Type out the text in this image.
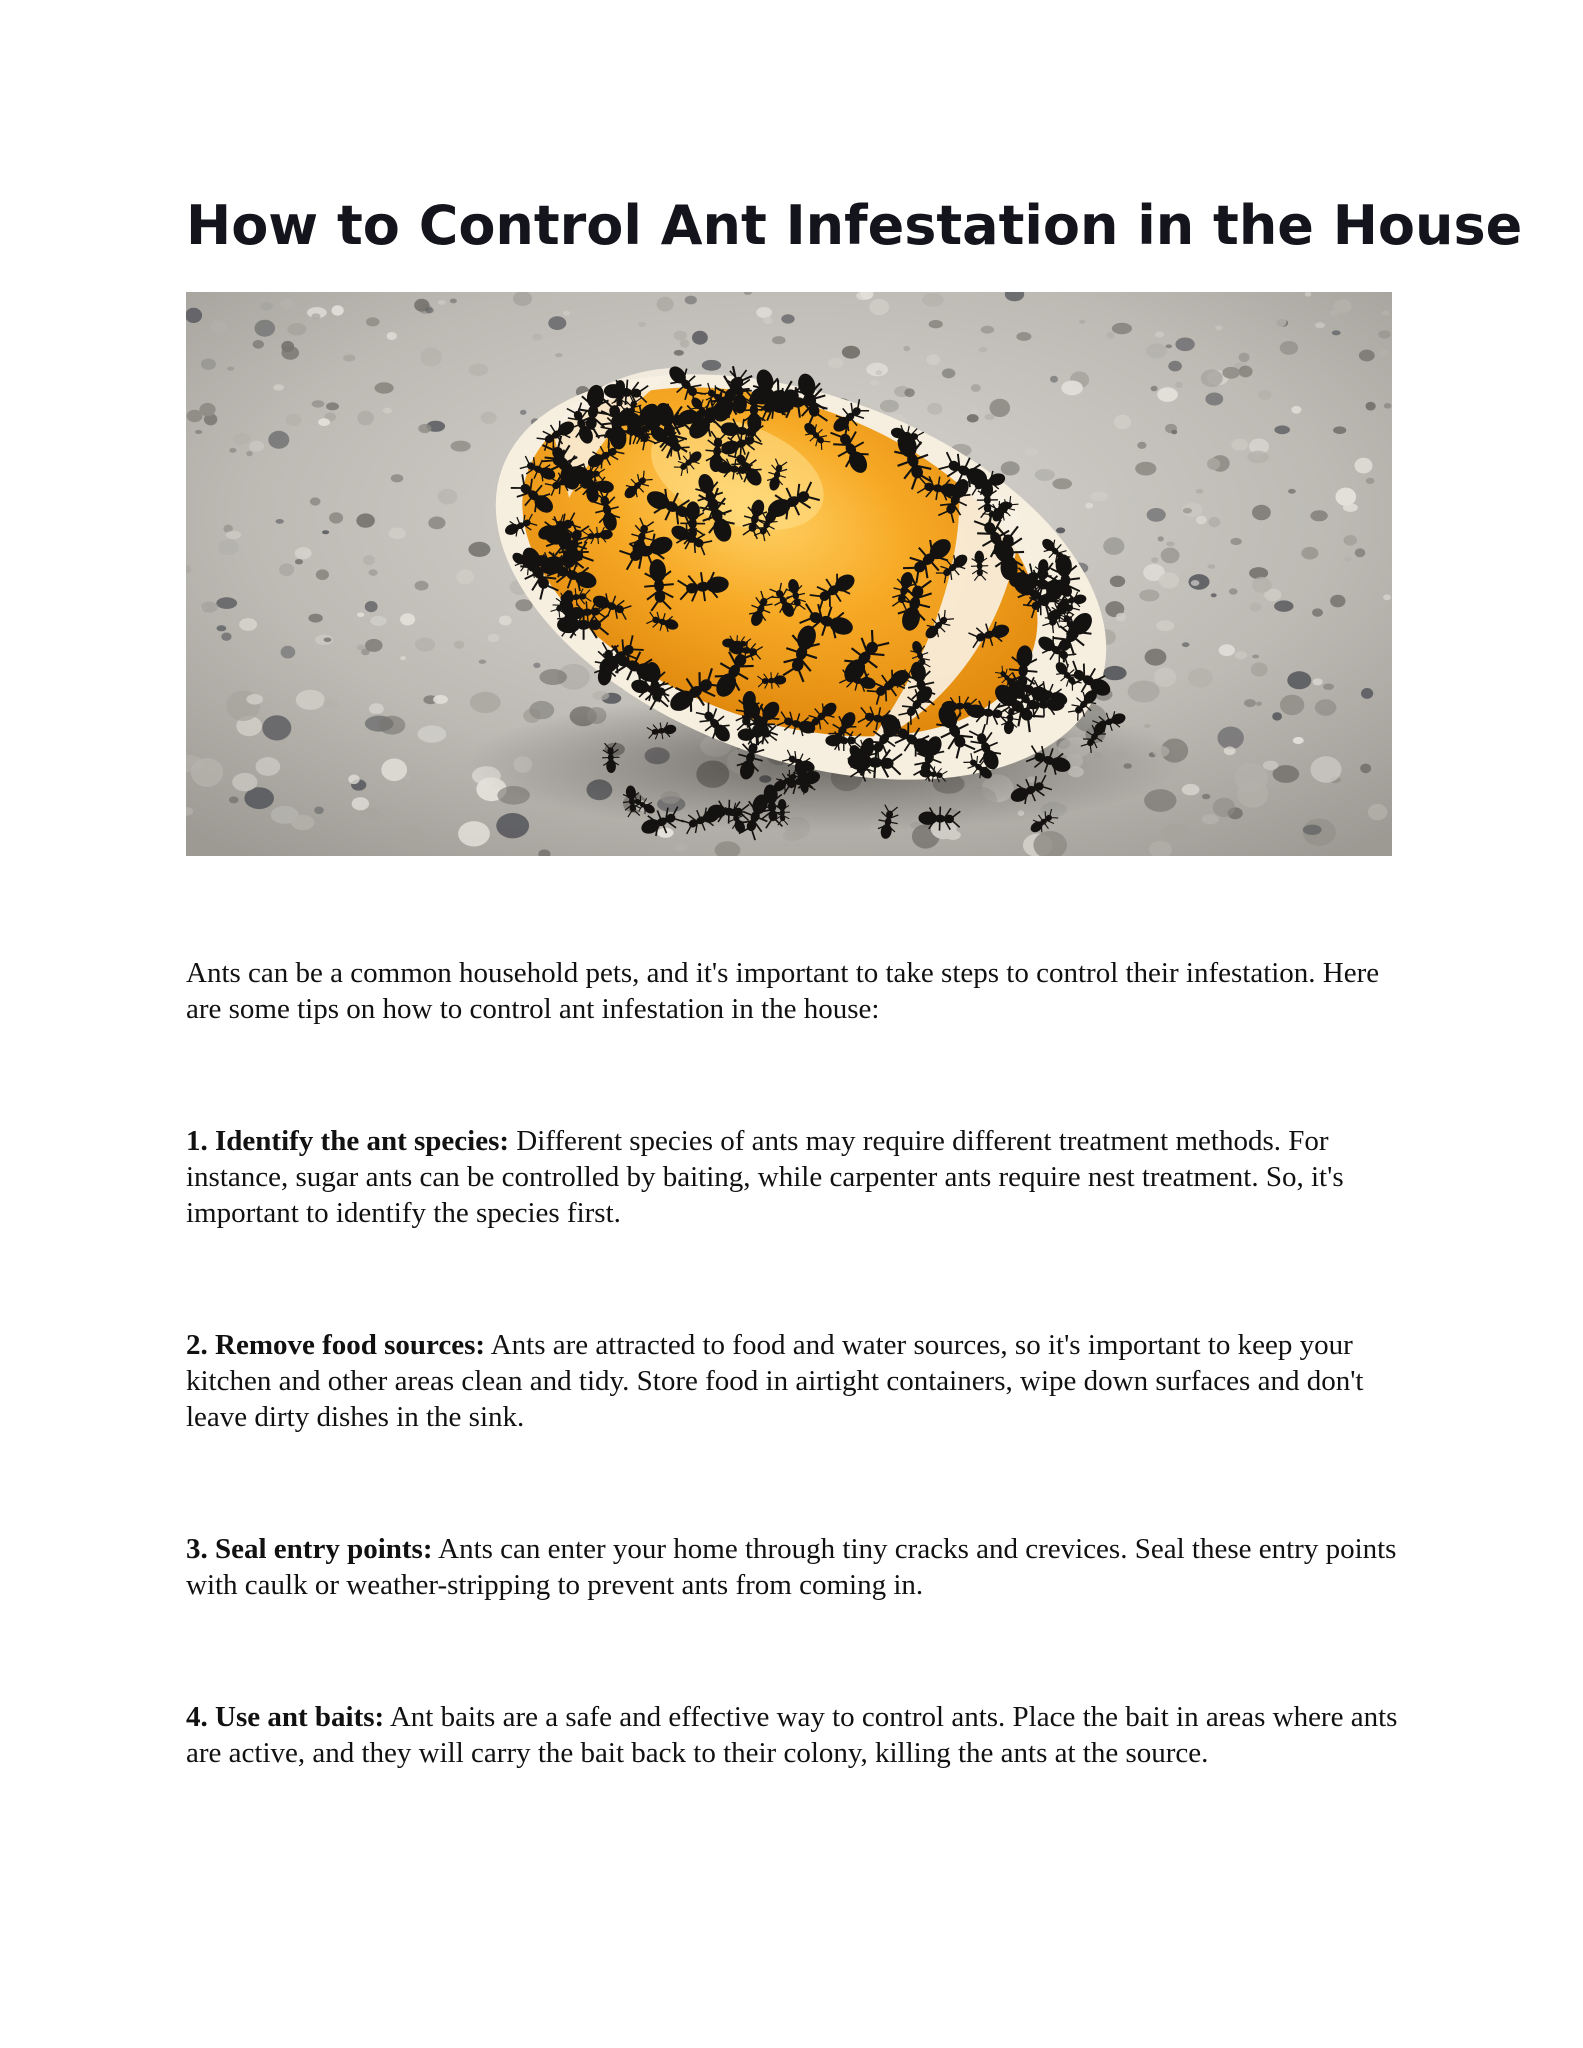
How to Control Ant Infestation in the House

Ants can be a common household pets, and it's important to take steps to control their infestation. Here are some tips on how to control ant infestation in the house:

1. Identify the ant species: Different species of ants may require different treatment methods. For instance, sugar ants can be controlled by baiting, while carpenter ants require nest treatment. So, it's important to identify the species first.

2. Remove food sources: Ants are attracted to food and water sources, so it's important to keep your kitchen and other areas clean and tidy. Store food in airtight containers, wipe down surfaces and don't leave dirty dishes in the sink.

3. Seal entry points: Ants can enter your home through tiny cracks and crevices. Seal these entry points with caulk or weather-stripping to prevent ants from coming in.

4. Use ant baits: Ant baits are a safe and effective way to control ants. Place the bait in areas where ants are active, and they will carry the bait back to their colony, killing the ants at the source.
